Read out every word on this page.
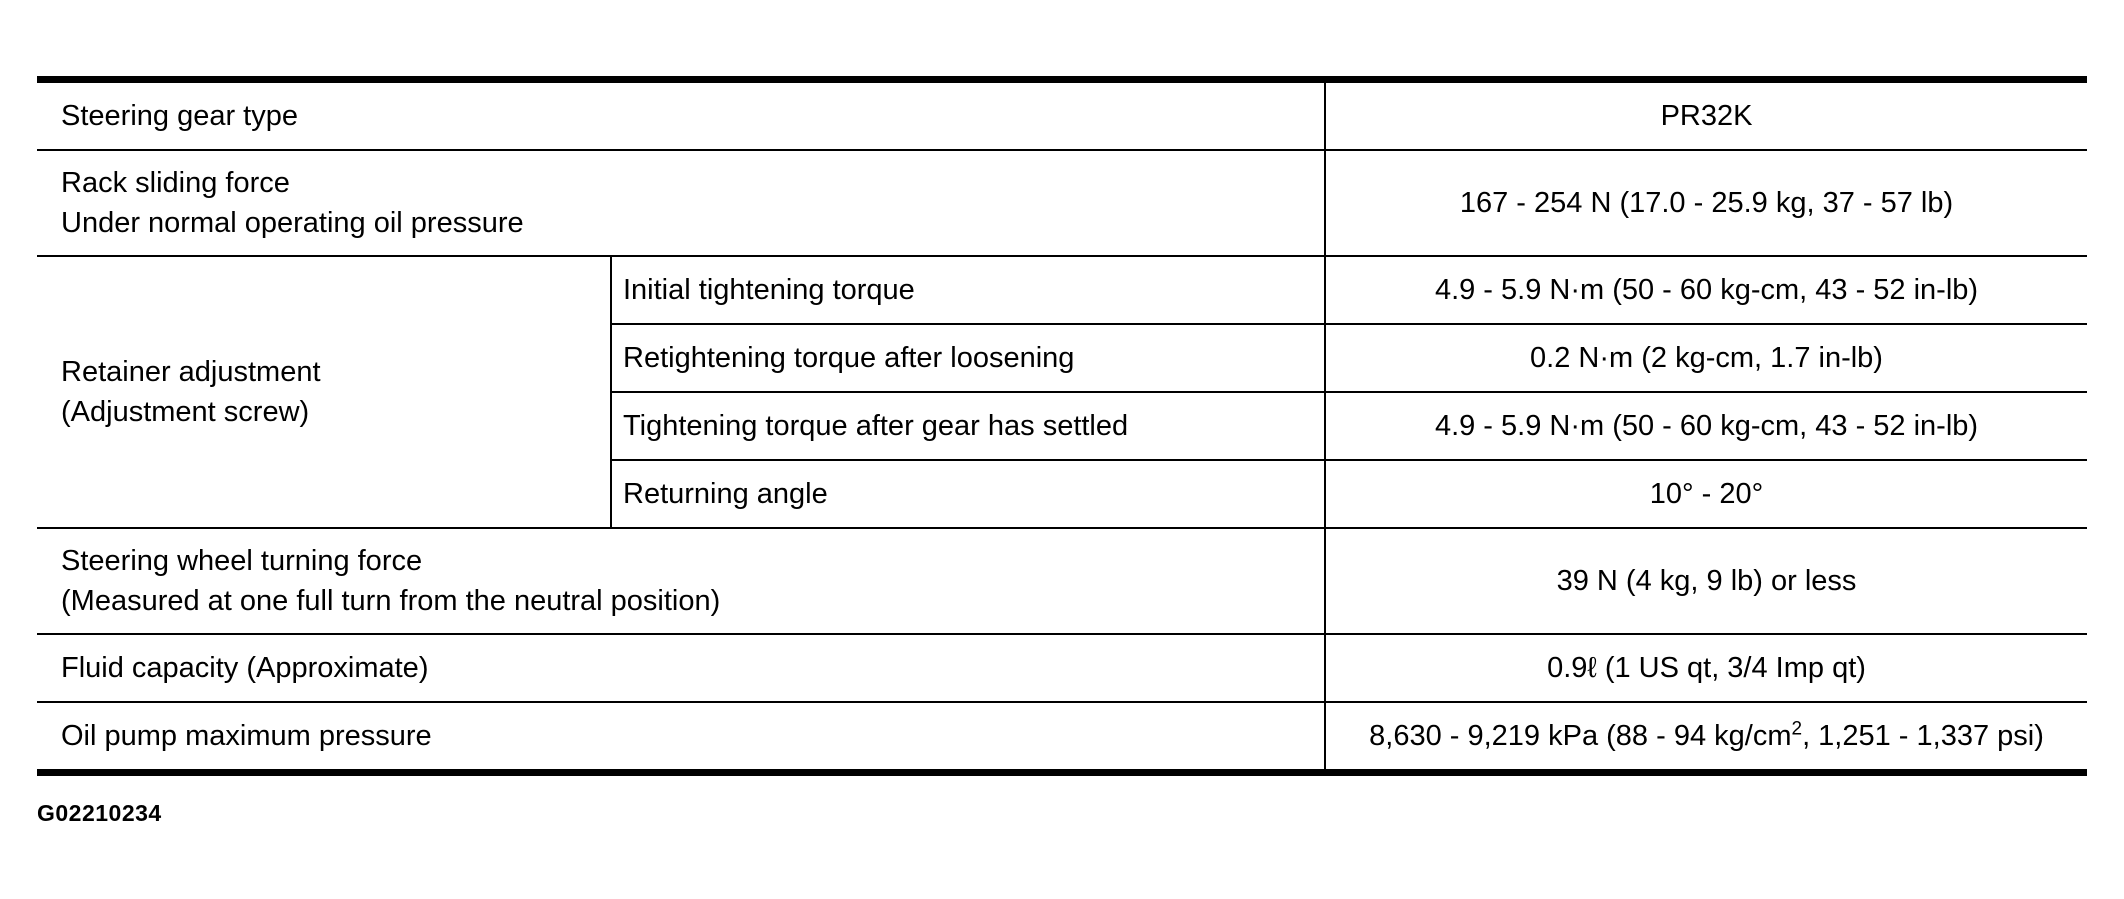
Steering gear type		PR32K

Rack sliding force
Under normal operating oil pressure		167 - 254 N (17.0 - 25.9 kg, 37 - 57 lb)

Retainer adjustment
(Adjustment screw)	Initial tightening torque	4.9 - 5.9 N·m (50 - 60 kg-cm, 43 - 52 in-lb)
	Retightening torque after loosening	0.2 N·m (2 kg-cm, 1.7 in-lb)
	Tightening torque after gear has settled	4.9 - 5.9 N·m (50 - 60 kg-cm, 43 - 52 in-lb)
	Returning angle	10° - 20°

Steering wheel turning force
(Measured at one full turn from the neutral position)		39 N (4 kg, 9 lb) or less
Fluid capacity (Approximate)		0.9ℓ (1 US qt, 3/4 Imp qt)
Oil pump maximum pressure		8,630 - 9,219 kPa (88 - 94 $kg/cm^2$, 1,251 - 1,337 psi)
G02210234
